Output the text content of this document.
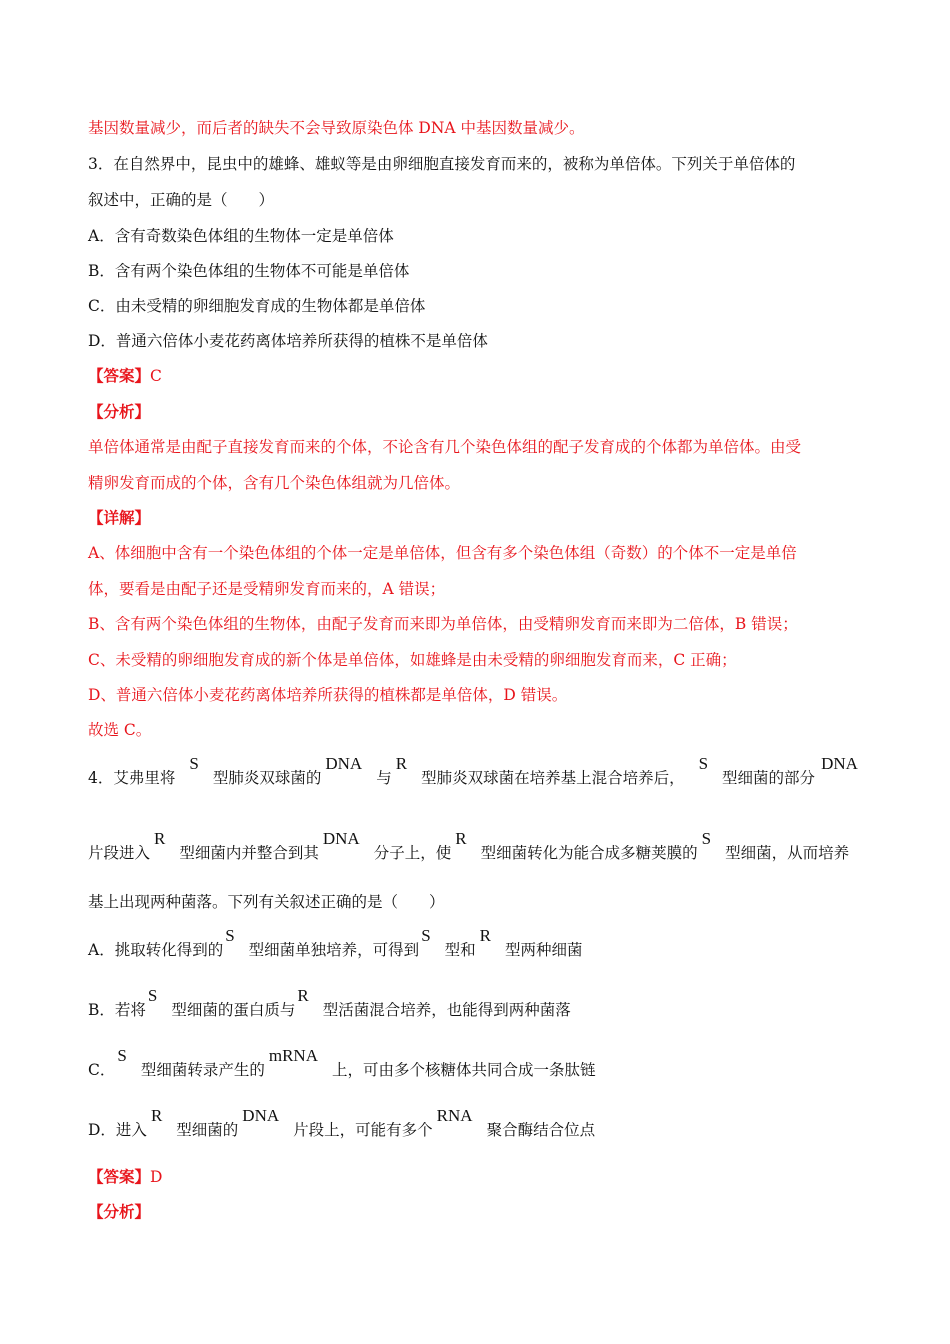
基因数量减少，而后者的缺失不会导致原染色体 DNA 中基因数量减少。
3．在自然界中，昆虫中的雄蜂、雄蚁等是由卵细胞直接发育而来的，被称为单倍体。下列关于单倍体的
叙述中，正确的是（　　）
A．含有奇数染色体组的生物体一定是单倍体
B．含有两个染色体组的生物体不可能是单倍体
C．由未受精的卵细胞发育成的生物体都是单倍体
D．普通六倍体小麦花药离体培养所获得的植株不是单倍体
【答案】C
【分析】
单倍体通常是由配子直接发育而来的个体，不论含有几个染色体组的配子发育成的个体都为单倍体。由受
精卵发育而成的个体，含有几个染色体组就为几倍体。
【详解】
A、体细胞中含有一个染色体组的个体一定是单倍体，但含有多个染色体组（奇数）的个体不一定是单倍
体，要看是由配子还是受精卵发育而来的，A 错误；
B、含有两个染色体组的生物体，由配子发育而来即为单倍体，由受精卵发育而来即为二倍体，B 错误；
C、未受精的卵细胞发育成的新个体是单倍体，如雄蜂是由未受精的卵细胞发育而来，C 正确；
D、普通六倍体小麦花药离体培养所获得的植株都是单倍体，D 错误。
故选 C。
4．艾弗里将S型肺炎双球菌的DNA与R型肺炎双球菌在培养基上混合培养后，S型细菌的部分DNA
片段进入R型细菌内并整合到其DNA分子上，使R型细菌转化为能合成多糖荚膜的S型细菌，从而培养
基上出现两种菌落。下列有关叙述正确的是（　　）
A．挑取转化得到的S型细菌单独培养，可得到S型和R型两种细菌
B．若将S型细菌的蛋白质与R型活菌混合培养，也能得到两种菌落
C．S型细菌转录产生的mRNA上，可由多个核糖体共同合成一条肽链
D．进入R型细菌的DNA片段上，可能有多个RNA聚合酶结合位点
【答案】D
【分析】
